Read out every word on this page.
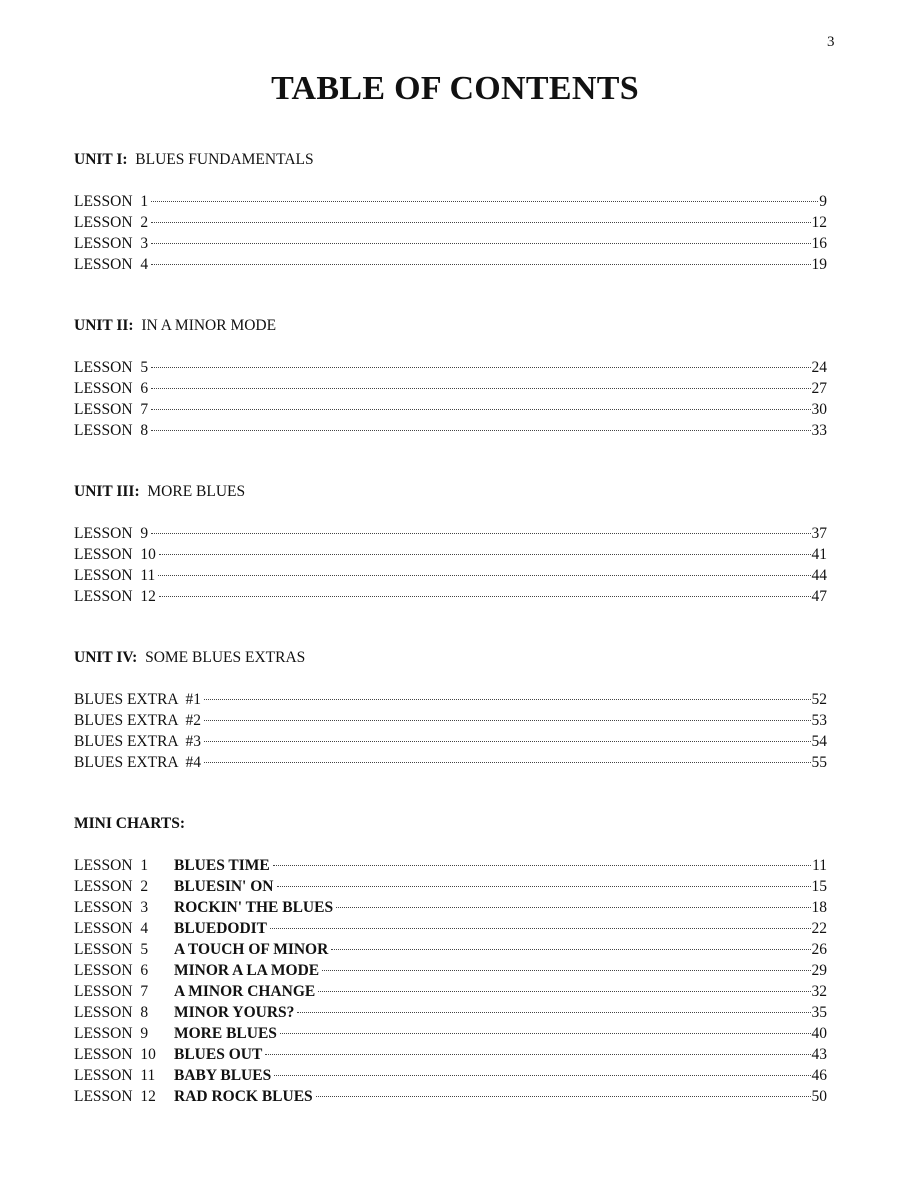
3
TABLE OF CONTENTS
UNIT I: BLUES FUNDAMENTALS
LESSON  1	9
LESSON  2	12
LESSON  3	16
LESSON  4	19
UNIT II: IN A MINOR MODE
LESSON  5	24
LESSON  6	27
LESSON  7	30
LESSON  8	33
UNIT III: MORE BLUES
LESSON  9	37
LESSON  10	41
LESSON  11	44
LESSON  12	47
UNIT IV: SOME BLUES EXTRAS
BLUES EXTRA  #1	52
BLUES EXTRA  #2	53
BLUES EXTRA  #3	54
BLUES EXTRA  #4	55
MINI CHARTS:
LESSON  1	BLUES TIME	11
LESSON  2	BLUESIN' ON	15
LESSON  3	ROCKIN' THE BLUES	18
LESSON  4	BLUEDODIT	22
LESSON  5	A TOUCH OF MINOR	26
LESSON  6	MINOR A LA MODE	29
LESSON  7	A MINOR CHANGE	32
LESSON  8	MINOR YOURS?	35
LESSON  9	MORE BLUES	40
LESSON  10	BLUES OUT	43
LESSON  11	BABY BLUES	46
LESSON  12	RAD ROCK BLUES	50
